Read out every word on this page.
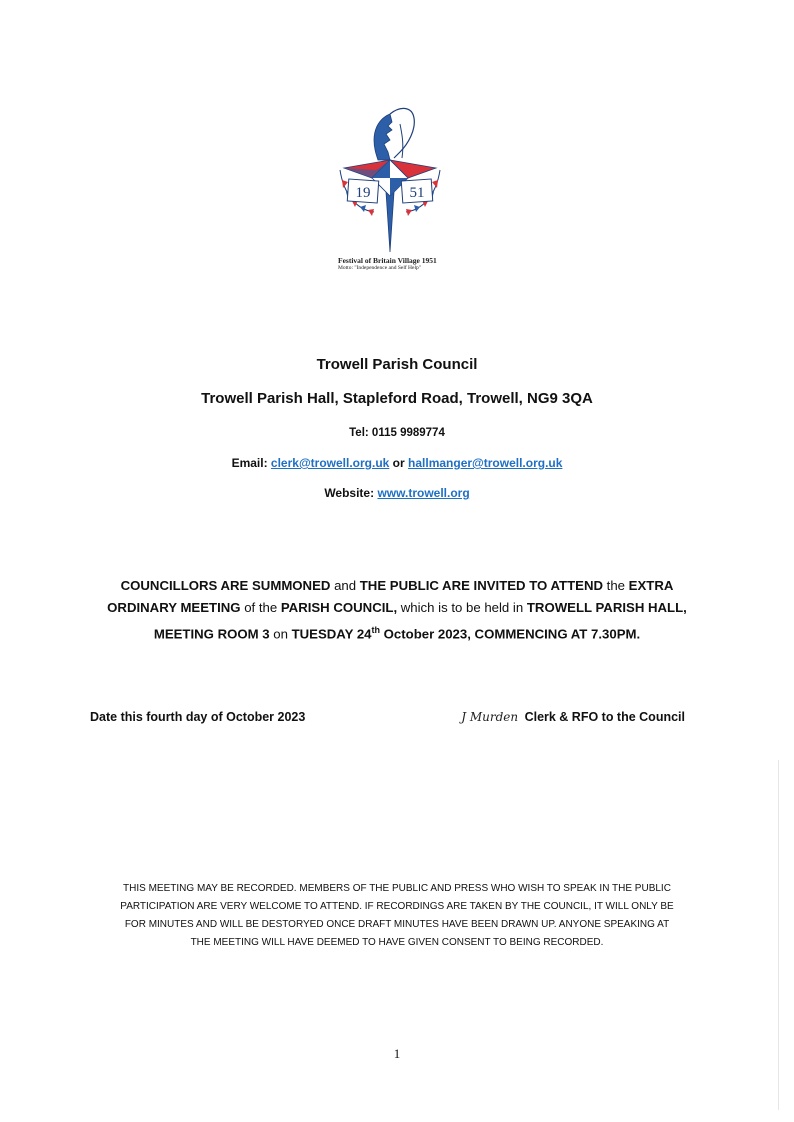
19	51
Festival of Britain Village 1951
Motto: "Independence and Self Help"
Trowell Parish Council
Trowell Parish Hall, Stapleford Road, Trowell, NG9 3QA
Tel: 0115 9989774
Email: clerk@trowell.org.uk or hallmanger@trowell.org.uk
Website: www.trowell.org
COUNCILLORS ARE SUMMONED and THE PUBLIC ARE INVITED TO ATTEND the EXTRA ORDINARY MEETING of the PARISH COUNCIL, which is to be held in TROWELL PARISH HALL, MEETING ROOM 3 on TUESDAY 24th October 2023, COMMENCING AT 7.30PM.
Date this fourth day of October 2023	J Murden Clerk & RFO to the Council
THIS MEETING MAY BE RECORDED. MEMBERS OF THE PUBLIC AND PRESS WHO WISH TO SPEAK IN THE PUBLIC
PARTICIPATION ARE VERY WELCOME TO ATTEND. IF RECORDINGS ARE TAKEN BY THE COUNCIL, IT WILL ONLY BE
FOR MINUTES AND WILL BE DESTORYED ONCE DRAFT MINUTES HAVE BEEN DRAWN UP. ANYONE SPEAKING AT
THE MEETING WILL HAVE DEEMED TO HAVE GIVEN CONSENT TO BEING RECORDED.
1
